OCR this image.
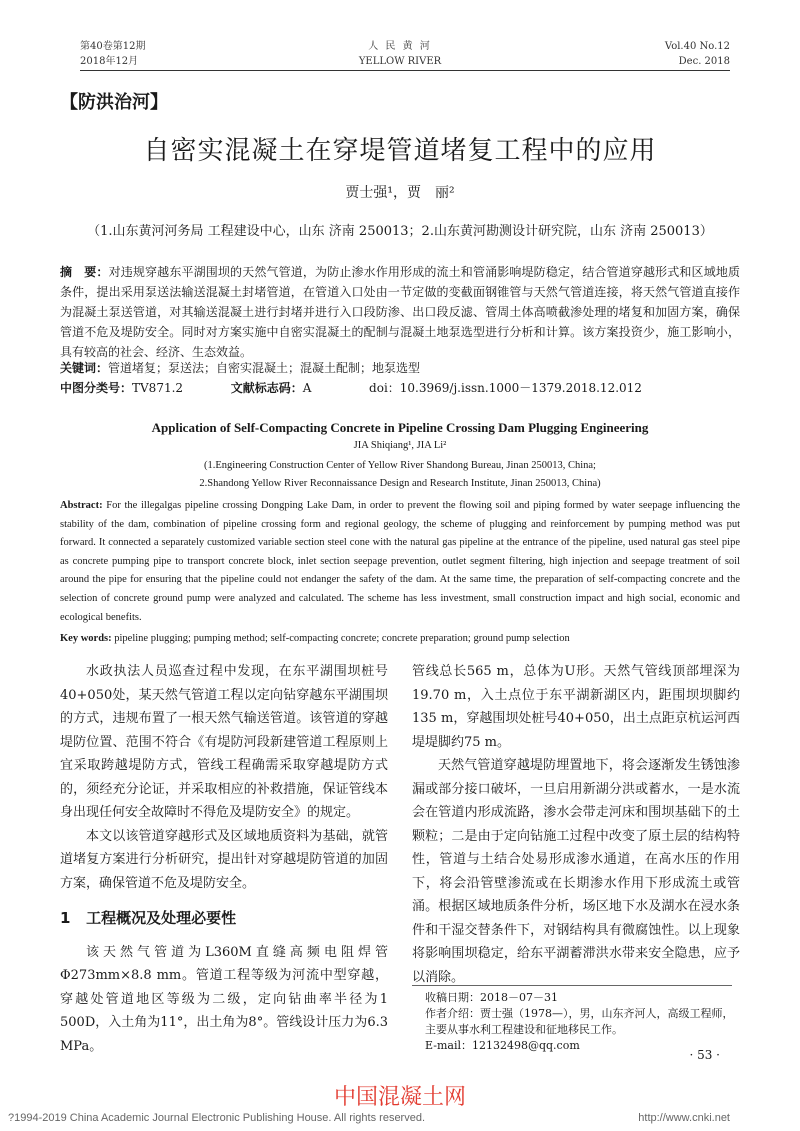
第40卷第12期
2018年12月
人 民 黄 河
YELLOW RIVER
Vol.40 No.12
Dec. 2018
【防洪治河】
自密实混凝土在穿堤管道堵复工程中的应用
贾士强¹，贾　丽²
（1.山东黄河河务局 工程建设中心，山东 济南 250013；2.山东黄河勘测设计研究院，山东 济南 250013）
摘　要：对违规穿越东平湖围坝的天然气管道，为防止渗水作用形成的流土和管涌影响堤防稳定，结合管道穿越形式和区域地质条件，提出采用泵送法输送混凝土封堵管道，在管道入口处由一节定做的变截面钢锥管与天然气管道连接，将天然气管道直接作为混凝土泵送管道，对其输送混凝土进行封堵并进行入口段防渗、出口段反滤、管周土体高喷截渗处理的堵复和加固方案，确保管道不危及堤防安全。同时对方案实施中自密实混凝土的配制与混凝土地泵选型进行分析和计算。该方案投资少，施工影响小，具有较高的社会、经济、生态效益。
关键词：管道堵复；泵送法；自密实混凝土；混凝土配制；地泵选型
中图分类号：TV871.2	文献标志码：A	doi：10.3969/j.issn.1000－1379.2018.12.012
Application of Self-Compacting Concrete in Pipeline Crossing Dam Plugging Engineering
JIA Shiqiang¹, JIA Li²
(1.Engineering Construction Center of Yellow River Shandong Bureau, Jinan 250013, China;
2.Shandong Yellow River Reconnaissance Design and Research Institute, Jinan 250013, China)
Abstract: For the illegalgas pipeline crossing Dongping Lake Dam, in order to prevent the flowing soil and piping formed by water seepage influencing the stability of the dam, combination of pipeline crossing form and regional geology, the scheme of plugging and reinforcement by pumping method was put forward. It connected a separately customized variable section steel cone with the natural gas pipeline at the entrance of the pipeline, used natural gas steel pipe as concrete pumping pipe to transport concrete block, inlet section seepage prevention, outlet segment filtering, high injection and seepage treatment of soil around the pipe for ensuring that the pipeline could not endanger the safety of the dam. At the same time, the preparation of self-compacting concrete and the selection of concrete ground pump were analyzed and calculated. The scheme has less investment, small construction impact and high social, economic and ecological benefits.
Key words: pipeline plugging; pumping method; self-compacting concrete; concrete preparation; ground pump selection

水政执法人员巡查过程中发现，在东平湖围坝桩号40+050处，某天然气管道工程以定向钻穿越东平湖围坝的方式，违规布置了一根天然气输送管道。该管道的穿越堤防位置、范围不符合《有堤防河段新建管道工程原则上宜采取跨越堤防方式，管线工程确需采取穿越堤防方式的，须经充分论证，并采取相应的补救措施，保证管线本身出现任何安全故障时不得危及堤防安全》的规定。

本文以该管道穿越形式及区域地质资料为基础，就管道堵复方案进行分析研究，提出针对穿越堤防管道的加固方案，确保管道不危及堤防安全。

1 工程概况及处理必要性

该天然气管道为L360M直缝高频电阻焊管Φ273mm×8.8 mm。管道工程等级为河流中型穿越，穿越处管道地区等级为二级，定向钻曲率半径为1 500D，入土角为11°，出土角为8°。管线设计压力为6.3 MPa。

管线总长565 m，总体为U形。天然气管线顶部埋深为19.70 m，入土点位于东平湖新湖区内，距围坝坝脚约135 m，穿越围坝处桩号40+050，出土点距京杭运河西堤堤脚约75 m。

天然气管道穿越堤防埋置地下，将会逐渐发生锈蚀渗漏或部分接口破坏，一旦启用新湖分洪或蓄水，一是水流会在管道内形成流路，渗水会带走河床和围坝基础下的土颗粒；二是由于定向钻施工过程中改变了原土层的结构特性，管道与土结合处易形成渗水通道，在高水压的作用下，将会沿管壁渗流或在长期渗水作用下形成流土或管涌。根据区域地质条件分析，场区地下水及湖水在浸水条件和干湿交替条件下，对钢结构具有微腐蚀性。以上现象将影响围坝稳定，给东平湖蓄滞洪水带来安全隐患，应予以消除。

收稿日期：2018－07－31
作者介绍：贾士强（1978—），男，山东齐河人，高级工程师，主要从事水利工程建设和征地移民工作。
E-mail：12132498@qq.com
· 53 ·
中国混凝土网
?1994-2019 China Academic Journal Electronic Publishing House. All rights reserved.	http://www.cnki.net
